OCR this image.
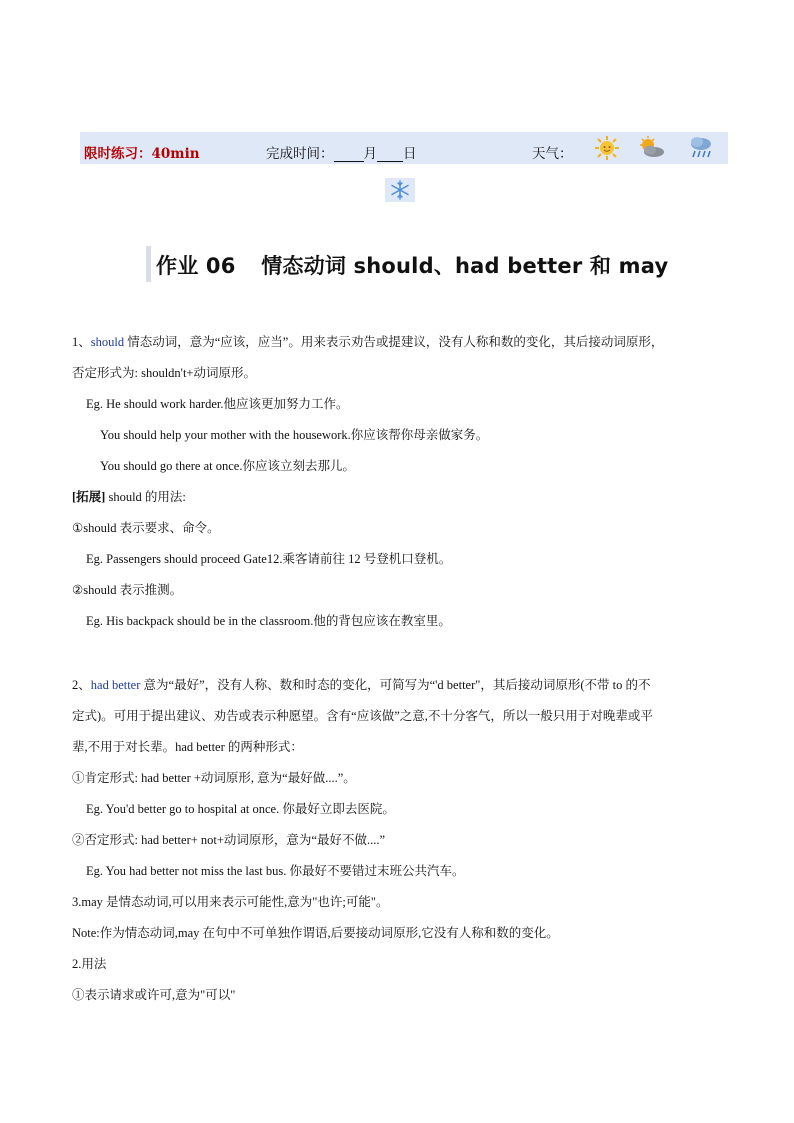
限时练习：40min	完成时间： 月 日	天气：
作业 06 情态动词 should、had better 和 may
1、should 情态动词，意为“应该，应当”。用来表示劝告或提建议，没有人称和数的变化，其后接动词原形，
否定形式为: shouldn't+动词原形。
Eg. He should work harder.他应该更加努力工作。
You should help your mother with the housework.你应该帮你母亲做家务。
You should go there at once.你应该立刻去那儿。
[拓展] should 的用法:
①should 表示要求、命令。
Eg. Passengers should proceed Gate12.乘客请前往 12 号登机口登机。
②should 表示推测。
Eg. His backpack should be in the classroom.他的背包应该在教室里。
2、had better 意为“最好”，没有人称、数和时态的变化，可简写为“'d better"，其后接动词原形(不带 to 的不
定式)。可用于提出建议、劝告或表示种愿望。含有“应该做”之意,不十分客气，所以一般只用于对晚辈或平
辈,不用于对长辈。had better 的两种形式：
①肯定形式: had better +动词原形, 意为“最好做....”。
Eg. You'd better go to hospital at once. 你最好立即去医院。
②否定形式: had better+ not+动词原形，意为“最好不做....”
Eg. You had better not miss the last bus. 你最好不要错过末班公共汽车。
3.may 是情态动词,可以用来表示可能性,意为"也许;可能"。
Note:作为情态动词,may 在句中不可单独作谓语,后要接动词原形,它没有人称和数的变化。
2.用法
①表示请求或许可,意为"可以"
